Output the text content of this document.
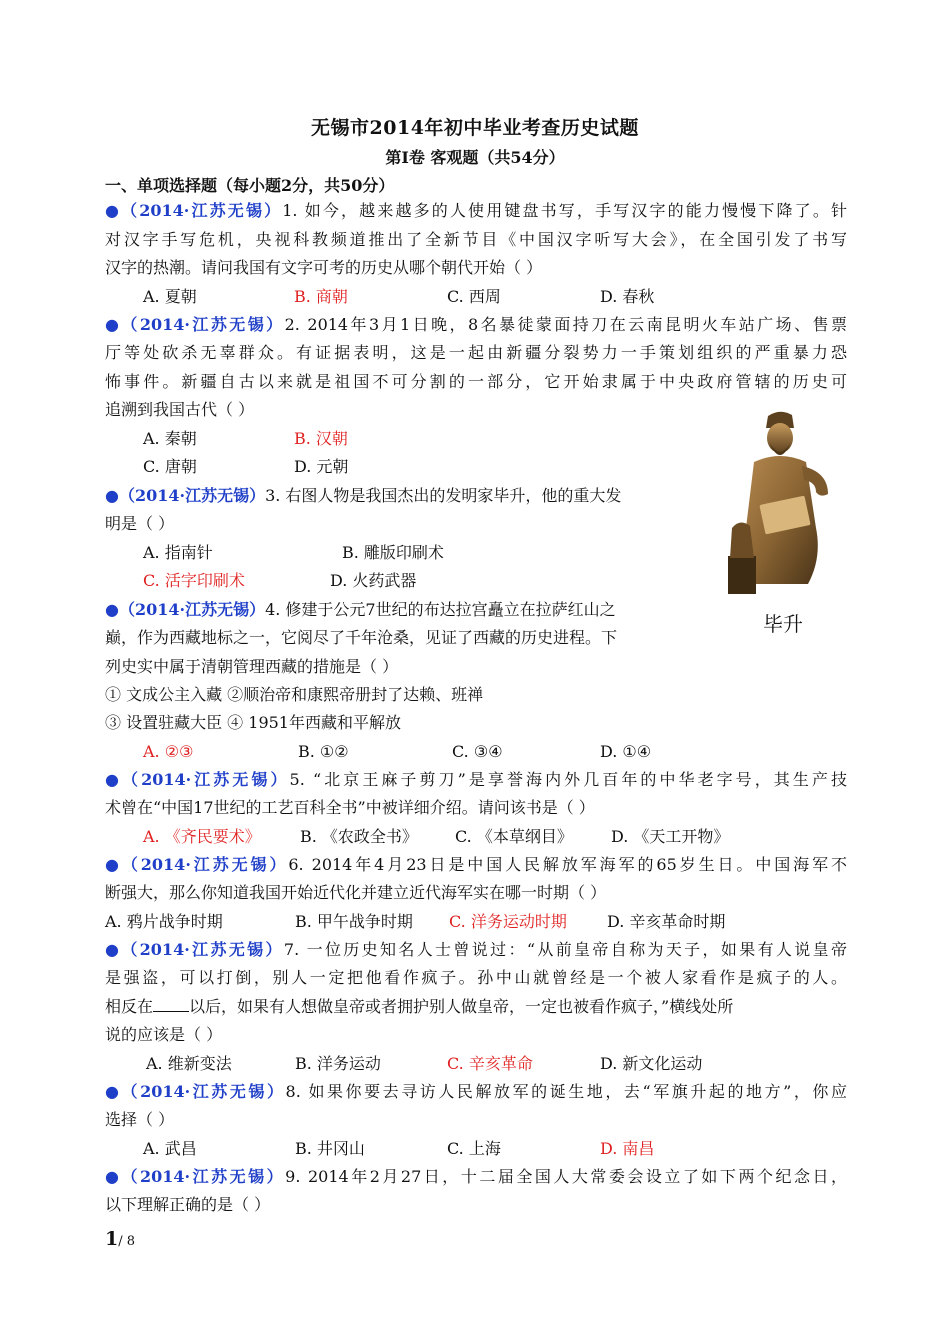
无锡市2014年初中毕业考查历史试题
第Ⅰ卷 客观题（共54分）
一、单项选择题（每小题2分，共50分）
●（2014·江苏无锡）1. 如今，越来越多的人使用键盘书写，手写汉字的能力慢慢下降了。针
对汉字手写危机，央视科教频道推出了全新节目《中国汉字听写大会》，在全国引发了书写
汉字的热潮。请问我国有文字可考的历史从哪个朝代开始（ ）
A. 夏朝	B. 商朝	C. 西周	D. 春秋
●（2014·江苏无锡）2. 2014年3月1日晚，8名暴徒蒙面持刀在云南昆明火车站广场、售票
厅等处砍杀无辜群众。有证据表明，这是一起由新疆分裂势力一手策划组织的严重暴力恐
怖事件。新疆自古以来就是祖国不可分割的一部分，它开始隶属于中央政府管辖的历史可
追溯到我国古代（ ）
A. 秦朝	B. 汉朝
C. 唐朝	D. 元朝
●（2014·江苏无锡）3. 右图人物是我国杰出的发明家毕升，他的重大发
明是（ ）
A. 指南针	B. 雕版印刷术
C. 活字印刷术	D. 火药武器
毕升
●（2014·江苏无锡）4. 修建于公元7世纪的布达拉宫矗立在拉萨红山之
巅，作为西藏地标之一，它阅尽了千年沧桑，见证了西藏的历史进程。下
列史实中属于清朝管理西藏的措施是（ ）
① 文成公主入藏 ②顺治帝和康熙帝册封了达赖、班禅
③ 设置驻藏大臣 ④ 1951年西藏和平解放
A. ②③	B. ①②	C. ③④	D. ①④
●（2014·江苏无锡）5. “北京王麻子剪刀”是享誉海内外几百年的中华老字号，其生产技
术曾在“中国17世纪的工艺百科全书”中被详细介绍。请问该书是（ ）
A. 《齐民要术》 B. 《农政全书》 C. 《本草纲目》 D. 《天工开物》
●（2014·江苏无锡）6. 2014年4月23日是中国人民解放军海军的65岁生日。中国海军不
断强大，那么你知道我国开始近代化并建立近代海军实在哪一时期（ ）
A. 鸦片战争时期	B. 甲午战争时期 C. 洋务运动时期	D. 辛亥革命时期
●（2014·江苏无锡）7. 一位历史知名人士曾说过：“从前皇帝自称为天子，如果有人说皇帝
是强盗，可以打倒，别人一定把他看作疯子。孙中山就曾经是一个被人家看作是疯子的人。
相反在 以后，如果有人想做皇帝或者拥护别人做皇帝，一定也被看作疯子，”横线处所
说的应该是（ ）
A. 维新变法	B. 洋务运动	C. 辛亥革命	D. 新文化运动
●（2014·江苏无锡）8. 如果你要去寻访人民解放军的诞生地，去“军旗升起的地方”，你应
选择（ ）
A. 武昌	B. 井冈山	C. 上海	D. 南昌
●（2014·江苏无锡）9. 2014年2月27日，十二届全国人大常委会设立了如下两个纪念日，
以下理解正确的是（ ）
1/ 8
